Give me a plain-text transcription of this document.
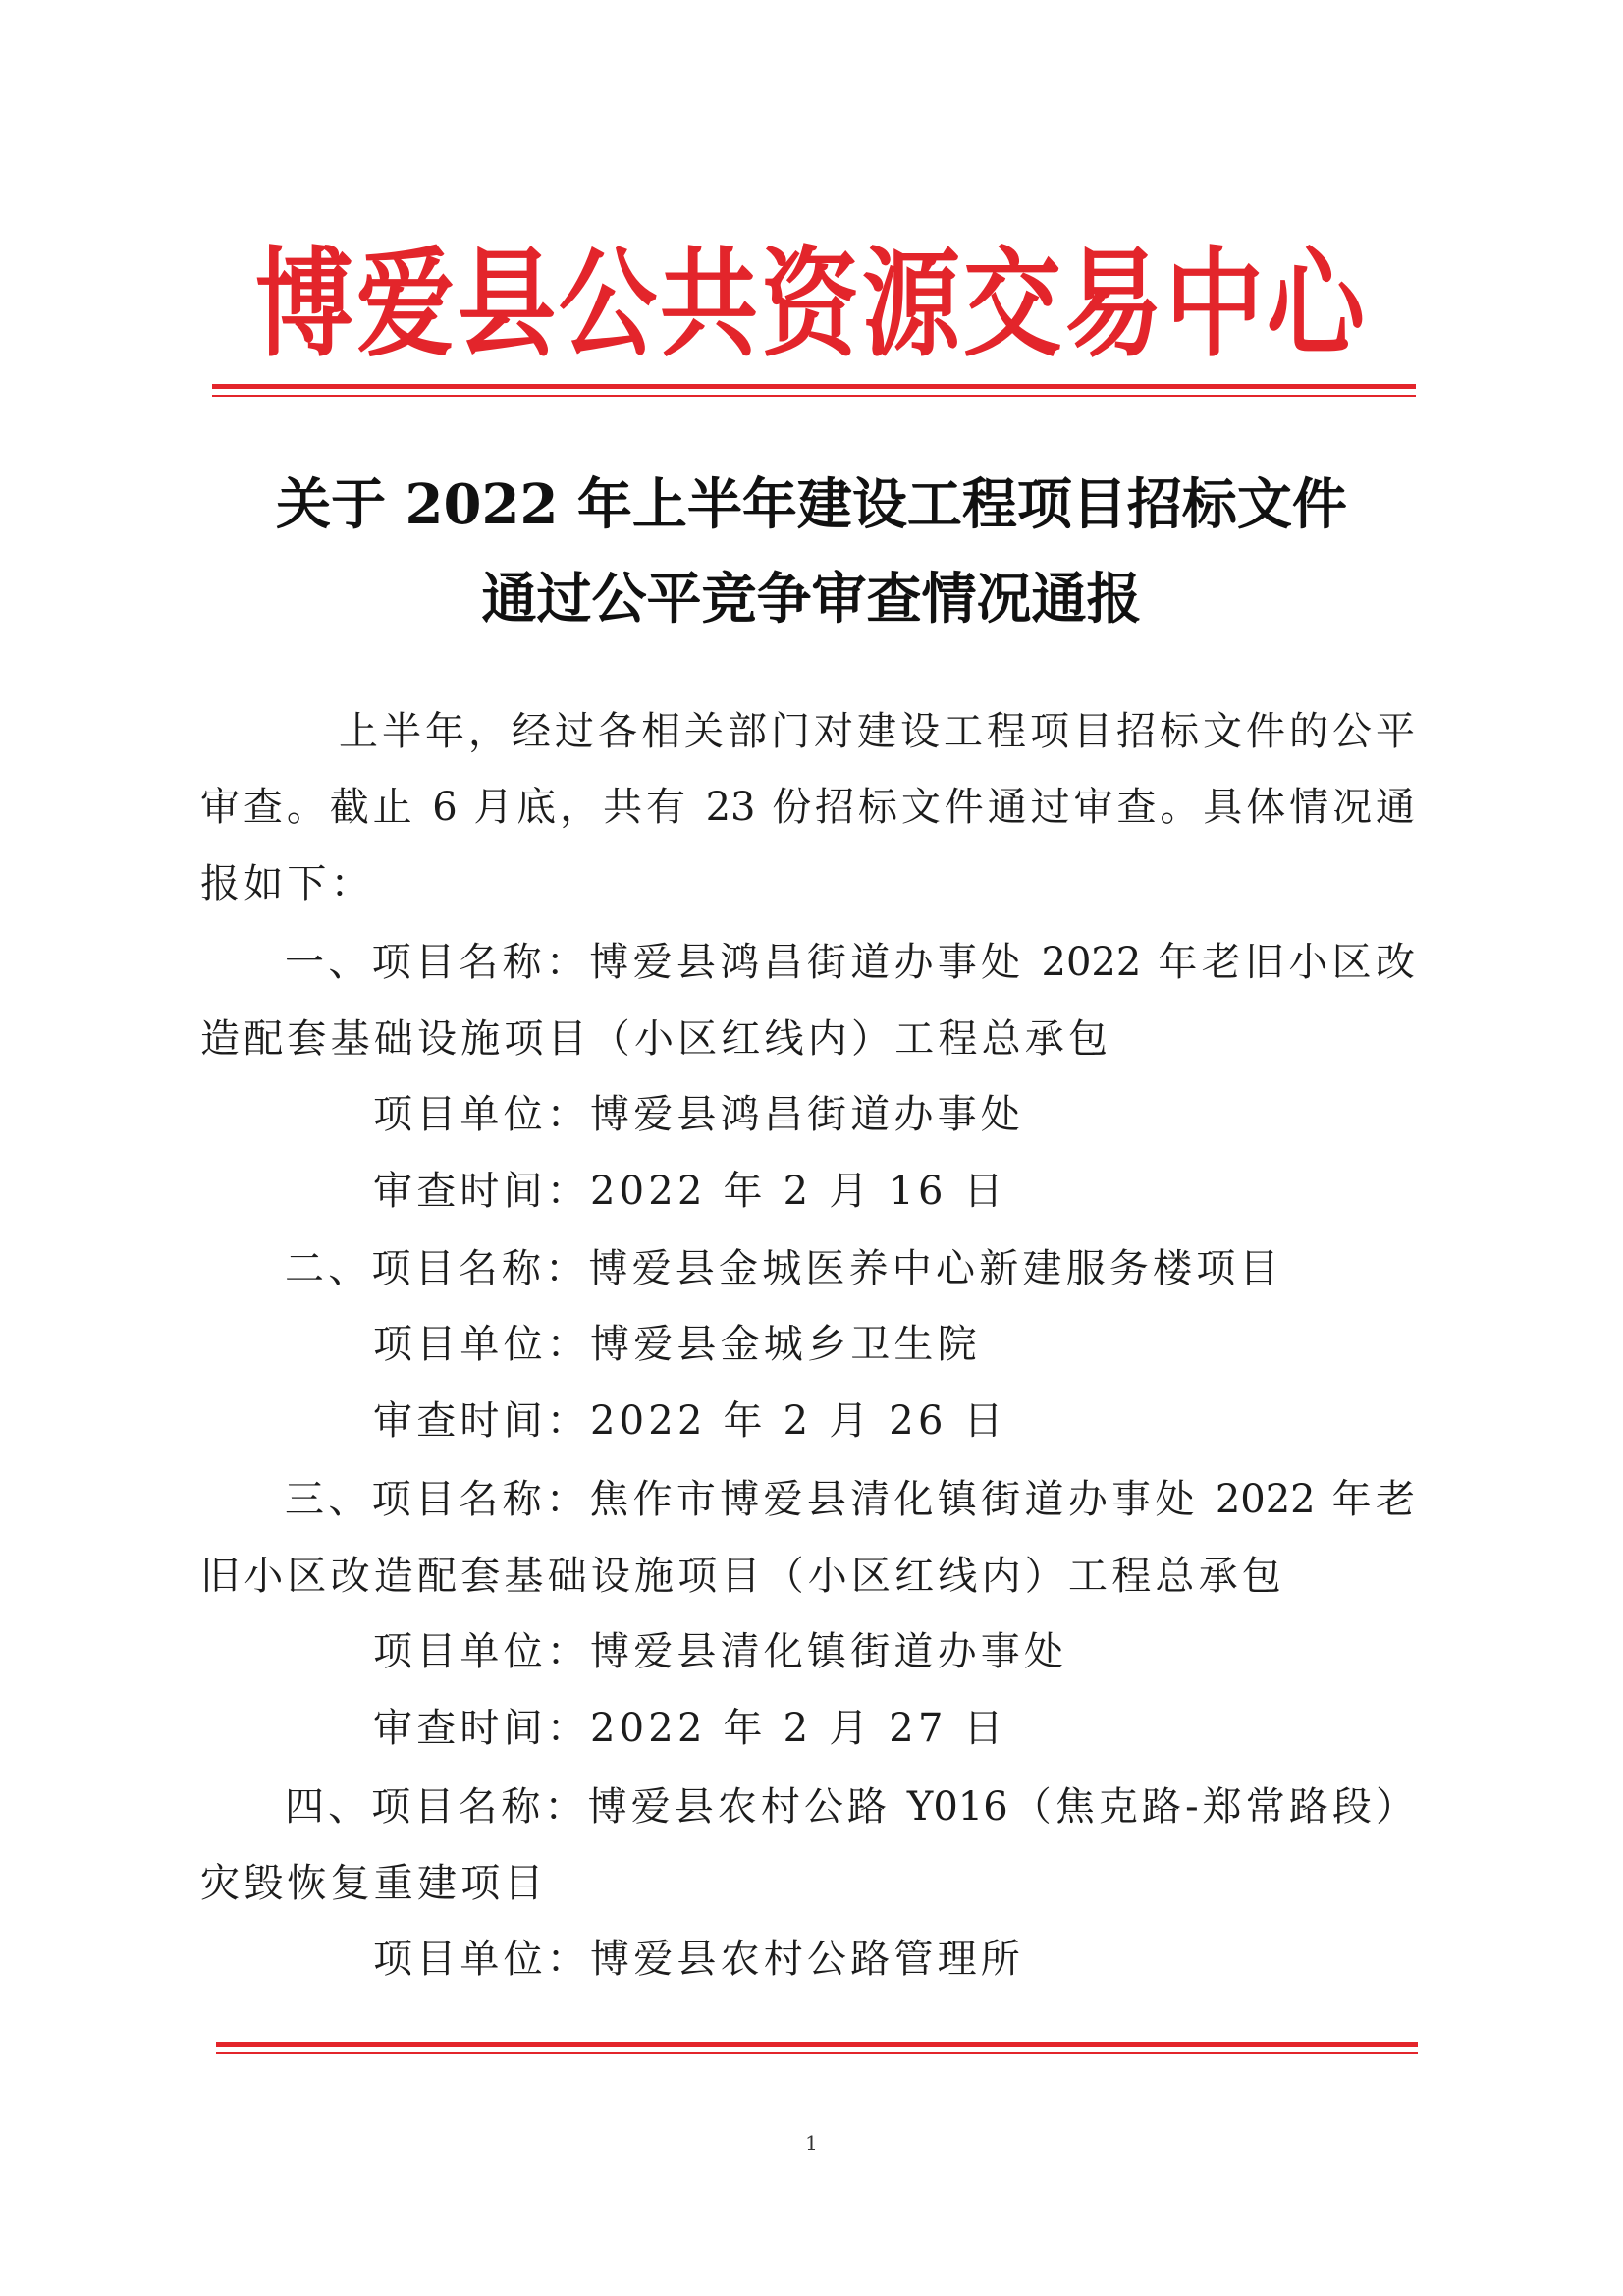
博爱县公共资源交易中心
关于 2022 年上半年建设工程项目招标文件
通过公平竞争审查情况通报
上半年，经过各相关部门对建设工程项目招标文件的公平
审查。截止 6 月底，共有 23 份招标文件通过审查。具体情况通
报如下：
一、项目名称：博爱县鸿昌街道办事处 2022 年老旧小区改
造配套基础设施项目（小区红线内）工程总承包
项目单位：博爱县鸿昌街道办事处
审查时间：2022 年 2 月 16 日
二、项目名称：博爱县金城医养中心新建服务楼项目
项目单位：博爱县金城乡卫生院
审查时间：2022 年 2 月 26 日
三、项目名称：焦作市博爱县清化镇街道办事处 2022 年老
旧小区改造配套基础设施项目（小区红线内）工程总承包
项目单位：博爱县清化镇街道办事处
审查时间：2022 年 2 月 27 日
四、项目名称：博爱县农村公路 Y016（焦克路-郑常路段）
灾毁恢复重建项目
项目单位：博爱县农村公路管理所
1
